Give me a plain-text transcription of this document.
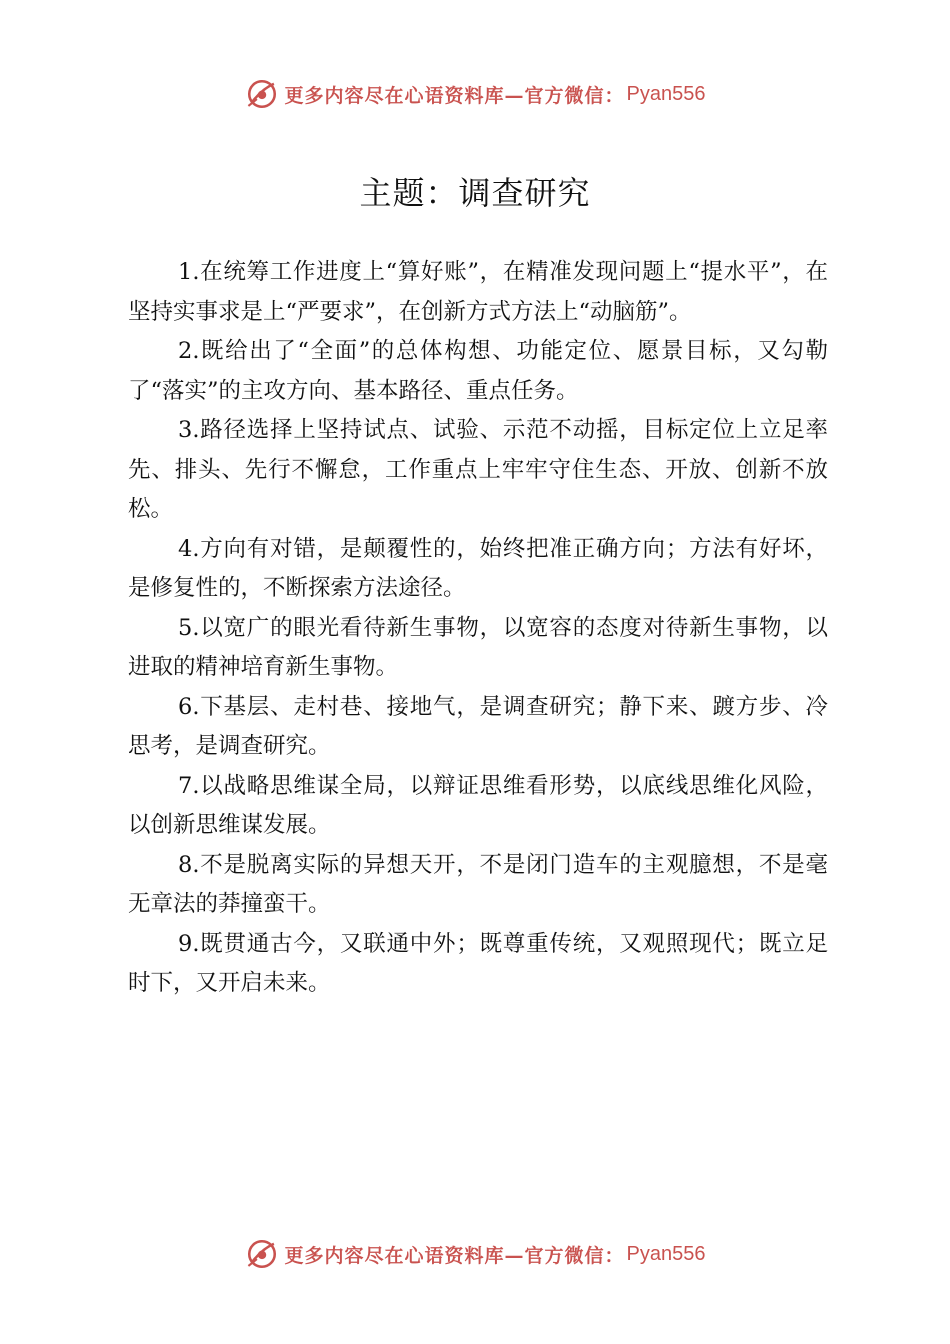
更多内容尽在心语资料库—官方微信： Pyan556
主题：调查研究

1.在统筹工作进度上“算好账”，在精准发现问题上“提水平”，在坚持实事求是上“严要求”，在创新方式方法上“动脑筋”。

2.既给出了“全面”的总体构想、功能定位、愿景目标，又勾勒了“落实”的主攻方向、基本路径、重点任务。

3.路径选择上坚持试点、试验、示范不动摇，目标定位上立足率先、排头、先行不懈怠，工作重点上牢牢守住生态、开放、创新不放松。

4.方向有对错，是颠覆性的，始终把准正确方向；方法有好坏，是修复性的，不断探索方法途径。

5.以宽广的眼光看待新生事物，以宽容的态度对待新生事物，以进取的精神培育新生事物。

6.下基层、走村巷、接地气，是调查研究；静下来、踱方步、冷思考，是调查研究。

7.以战略思维谋全局，以辩证思维看形势，以底线思维化风险，以创新思维谋发展。

8.不是脱离实际的异想天开，不是闭门造车的主观臆想，不是毫无章法的莽撞蛮干。

9.既贯通古今，又联通中外；既尊重传统，又观照现代；既立足时下，又开启未来。

更多内容尽在心语资料库—官方微信： Pyan556
